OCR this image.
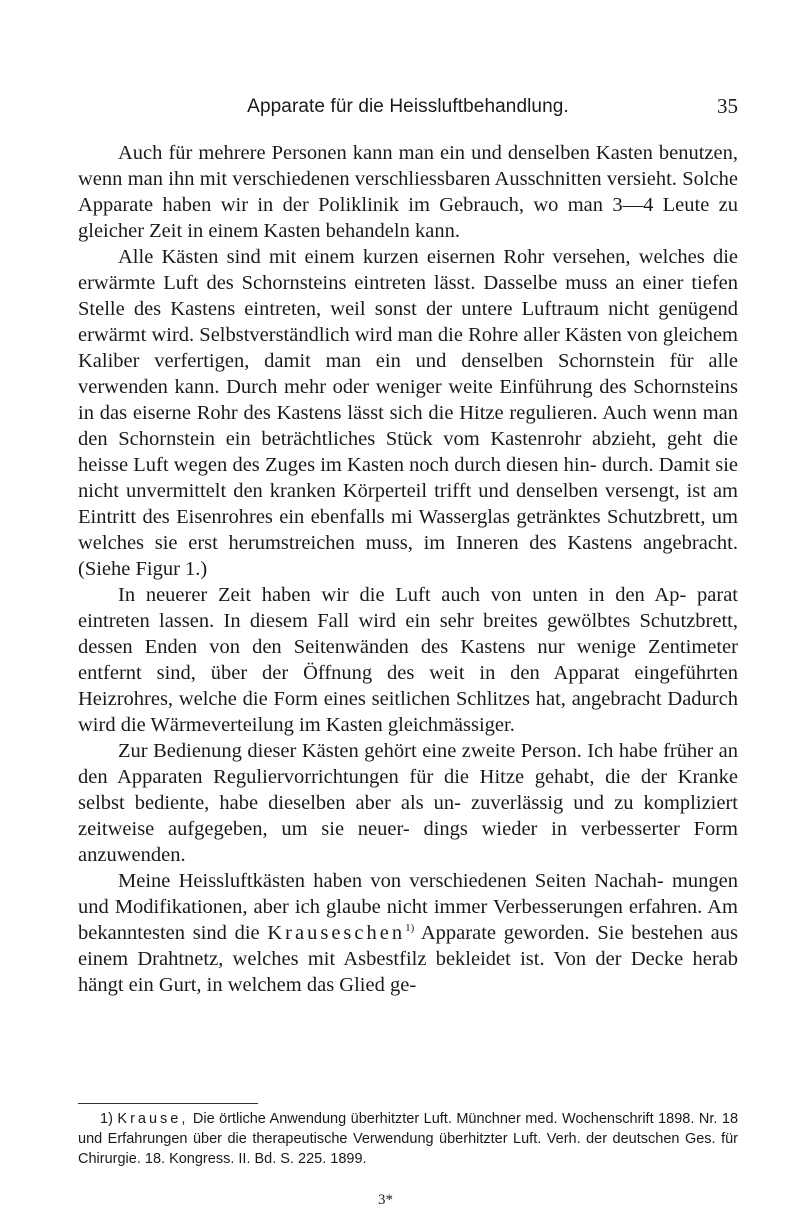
Apparate für die Heissluftbehandlung.	35

Auch für mehrere Personen kann man ein und denselben Kasten benutzen, wenn man ihn mit verschiedenen verschliessbaren Ausschnitten versieht. Solche Apparate haben wir in der Poliklinik im Gebrauch, wo man 3—4 Leute zu gleicher Zeit in einem Kasten behandeln kann.

Alle Kästen sind mit einem kurzen eisernen Rohr versehen, welches die erwärmte Luft des Schornsteins eintreten lässt. Dasselbe muss an einer tiefen Stelle des Kastens eintreten, weil sonst der untere Luftraum nicht genügend erwärmt wird. Selbstverständlich wird man die Rohre aller Kästen von gleichem Kaliber verfertigen, damit man ein und denselben Schornstein für alle verwenden kann. Durch mehr oder weniger weite Einführung des Schornsteins in das eiserne Rohr des Kastens lässt sich die Hitze regulieren. Auch wenn man den Schornstein ein beträchtliches Stück vom Kastenrohr abzieht, geht die heisse Luft wegen des Zuges im Kasten noch durch diesen hin- durch. Damit sie nicht unvermittelt den kranken Körperteil trifft und denselben versengt, ist am Eintritt des Eisenrohres ein ebenfalls mi Wasserglas getränktes Schutzbrett, um welches sie erst herumstreichen muss, im Inneren des Kastens angebracht. (Siehe Figur 1.)

In neuerer Zeit haben wir die Luft auch von unten in den Ap- parat eintreten lassen. In diesem Fall wird ein sehr breites gewölbtes Schutzbrett, dessen Enden von den Seitenwänden des Kastens nur wenige Zentimeter entfernt sind, über der Öffnung des weit in den Apparat eingeführten Heizrohres, welche die Form eines seitlichen Schlitzes hat, angebracht Dadurch wird die Wärmeverteilung im Kasten gleichmässiger.

Zur Bedienung dieser Kästen gehört eine zweite Person. Ich habe früher an den Apparaten Reguliervorrichtungen für die Hitze gehabt, die der Kranke selbst bediente, habe dieselben aber als un- zuverlässig und zu kompliziert zeitweise aufgegeben, um sie neuer- dings wieder in verbesserter Form anzuwenden.

Meine Heissluftkästen haben von verschiedenen Seiten Nachah- mungen und Modifikationen, aber ich glaube nicht immer Verbesserungen erfahren. Am bekanntesten sind die Krauseschen$^{1)}$ Apparate geworden. Sie bestehen aus einem Drahtnetz, welches mit Asbestfilz bekleidet ist. Von der Decke herab hängt ein Gurt, in welchem das Glied ge-

1) Krause, Die örtliche Anwendung überhitzter Luft. Münchner med. Wochenschrift 1898. Nr. 18 und Erfahrungen über die therapeutische Verwendung überhitzter Luft. Verh. der deutschen Ges. für Chirurgie. 18. Kongress. II. Bd. S. 225. 1899.
3*
